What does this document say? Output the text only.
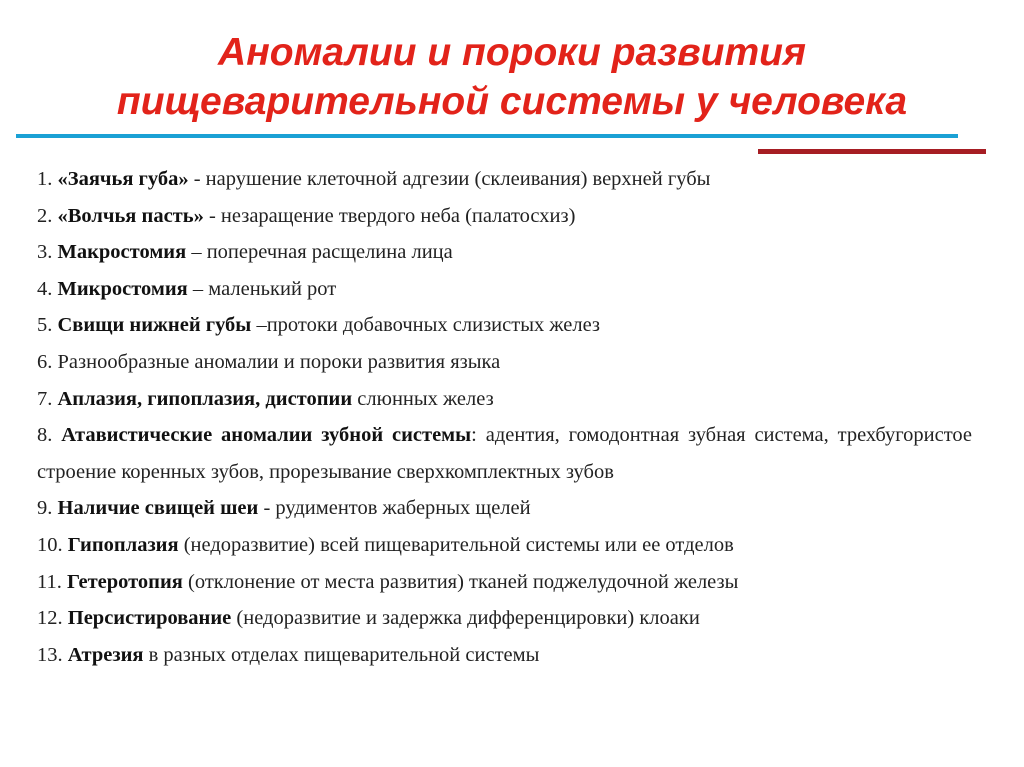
Аномалии и пороки развития
пищеварительной системы у человека
1. «Заячья губа» - нарушение клеточной адгезии (склеивания) верхней губы
2. «Волчья пасть» - незаращение твердого неба (палатосхиз)
3. Макростомия – поперечная расщелина лица
4. Микростомия – маленький рот
5. Свищи нижней губы –протоки добавочных слизистых желез
6. Разнообразные аномалии и пороки развития языка
7. Аплазия, гипоплазия, дистопии слюнных желез
8. Атавистические аномалии зубной системы: адентия, гомодонтная зубная система, трехбугористое строение коренных зубов, прорезывание сверхкомплектных зубов
9. Наличие свищей шеи - рудиментов жаберных щелей
10. Гипоплазия (недоразвитие) всей пищеварительной системы или ее отделов
11. Гетеротопия (отклонение от места развития) тканей поджелудочной железы
12. Персистирование (недоразвитие и задержка дифференцировки) клоаки
13. Атрезия в разных отделах пищеварительной системы
